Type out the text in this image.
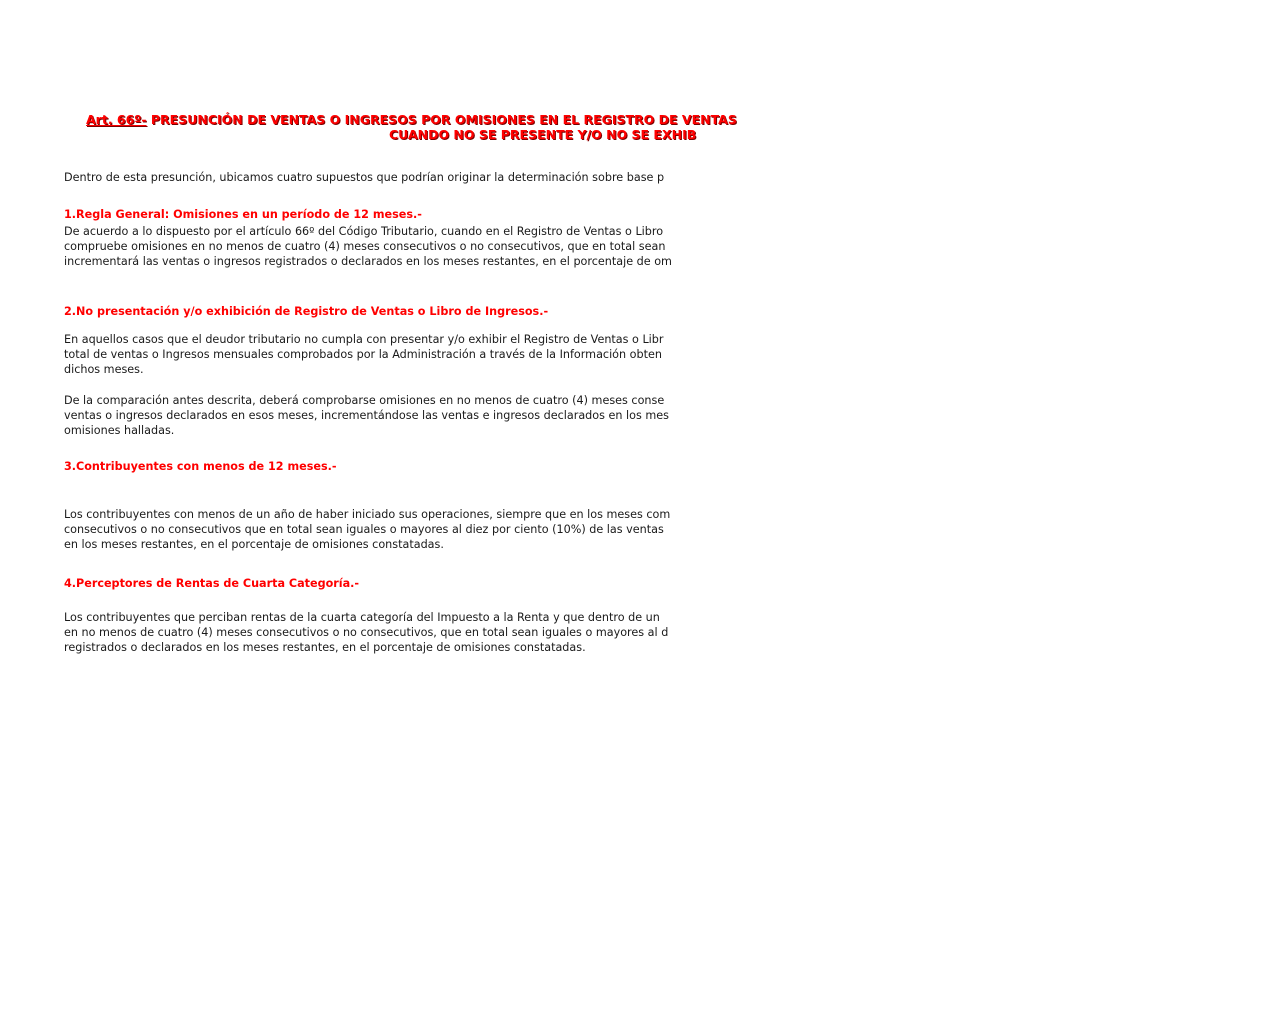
Art. 66º- PRESUNCIÓN DE VENTAS O INGRESOS POR OMISIONES EN EL REGISTRO DE VENTAS
CUANDO NO SE PRESENTE Y/O NO SE EXHIB

Dentro de esta presunción, ubicamos cuatro supuestos que podrían originar la determinación sobre base p

1.Regla General: Omisiones en un período de 12 meses.-

De acuerdo a lo dispuesto por el artículo 66º del Código Tributario, cuando en el Registro de Ventas o Libro
compruebe omisiones en no menos de cuatro (4) meses consecutivos o no consecutivos, que en total sean
incrementará las ventas o ingresos registrados o declarados en los meses restantes, en el porcentaje de om

2.No presentación y/o exhibición de Registro de Ventas o Libro de Ingresos.-

En aquellos casos que el deudor tributario no cumpla con presentar y/o exhibir el Registro de Ventas o Libr
total de ventas o Ingresos mensuales comprobados por la Administración a través de la Información obten
dichos meses.

De la comparación antes descrita, deberá comprobarse omisiones en no menos de cuatro (4) meses conse
ventas o ingresos declarados en esos meses, incrementándose las ventas e ingresos declarados en los mes
omisiones halladas.

3.Contribuyentes con menos de 12 meses.-

Los contribuyentes con menos de un año de haber iniciado sus operaciones, siempre que en los meses com
consecutivos o no consecutivos que en total sean iguales o mayores al diez por ciento (10%) de las ventas
en los meses restantes, en el porcentaje de omisiones constatadas.

4.Perceptores de Rentas de Cuarta Categoría.-

Los contribuyentes que perciban rentas de la cuarta categoría del Impuesto a la Renta y que dentro de un
en no menos de cuatro (4) meses consecutivos o no consecutivos, que en total sean iguales o mayores al d
registrados o declarados en los meses restantes, en el porcentaje de omisiones constatadas.
